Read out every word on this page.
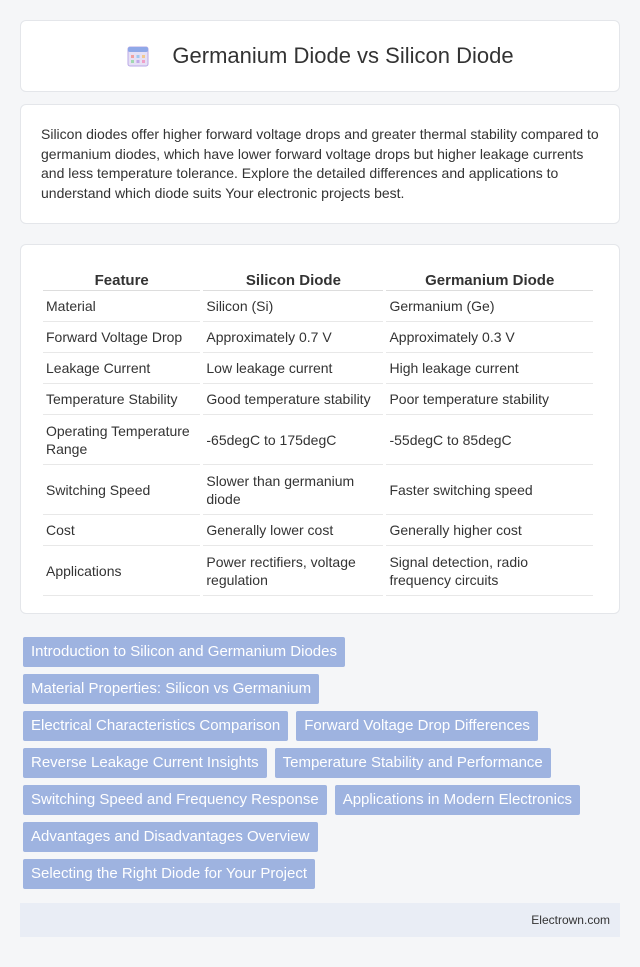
Germanium Diode vs Silicon Diode

Silicon diodes offer higher forward voltage drops and greater thermal stability compared to germanium diodes, which have lower forward voltage drops but higher leakage currents and less temperature tolerance. Explore the detailed differences and applications to understand which diode suits Your electronic projects best.

Feature	Silicon Diode	Germanium Diode
Material	Silicon (Si)	Germanium (Ge)
Forward Voltage Drop	Approximately 0.7 V	Approximately 0.3 V
Leakage Current	Low leakage current	High leakage current
Temperature Stability	Good temperature stability	Poor temperature stability
Operating Temperature Range	-65degC to 175degC	-55degC to 85degC
Switching Speed	Slower than germanium diode	Faster switching speed
Cost	Generally lower cost	Generally higher cost
Applications	Power rectifiers, voltage regulation	Signal detection, radio frequency circuits
Introduction to Silicon and Germanium Diodes
Material Properties: Silicon vs Germanium
Electrical Characteristics Comparison	Forward Voltage Drop Differences
Reverse Leakage Current Insights	Temperature Stability and Performance
Switching Speed and Frequency Response	Applications in Modern Electronics
Advantages and Disadvantages Overview
Selecting the Right Diode for Your Project
Electrown.com
